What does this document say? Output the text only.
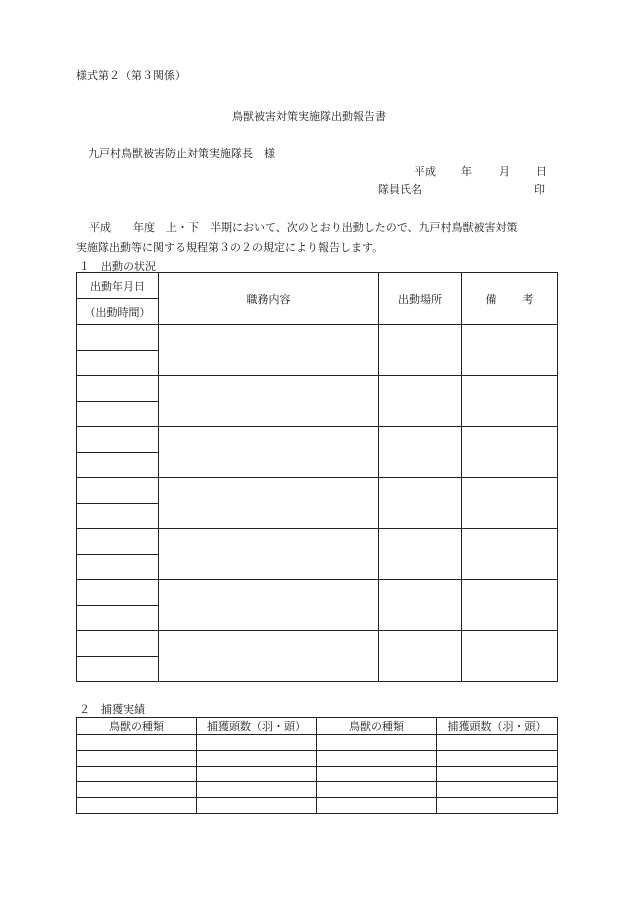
様式第２（第３関係）
鳥獣被害対策実施隊出動報告書
九戸村鳥獣被害防止対策実施隊長　様
平成 年 月 日
隊員氏名	印
平成　　年度　上・下　半期において、次のとおり出動したので、九戸村鳥獣被害対策
実施隊出動等に関する規程第３の２の規定により報告します。
１　出動の状況
出動年月日	職務内容	出動場所	備 考
（出動時間）			

２　捕獲実績
鳥獣の種類	捕獲頭数（羽・頭）	鳥獣の種類	捕獲頭数（羽・頭）
